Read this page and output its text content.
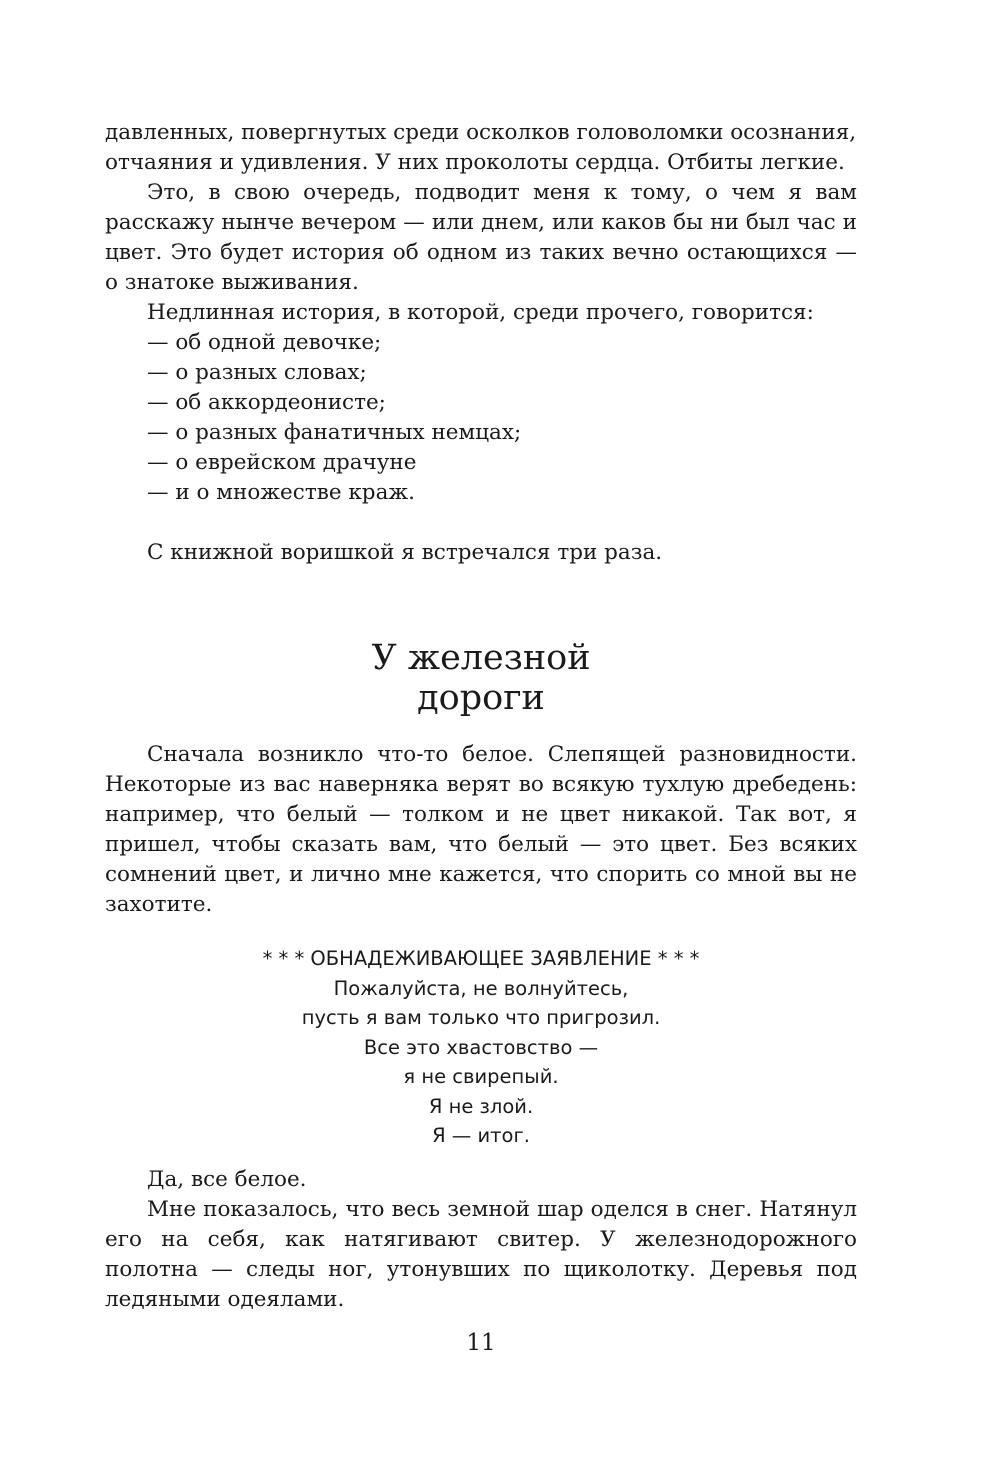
давленных, повергнутых среди осколков головоломки осознания,
отчаяния и удивления. У них проколоты сердца. Отбиты легкие.

Это, в свою очередь, подводит меня к тому, о чем я вам расскажу нынче вечером — или днем, или каков бы ни был час и цвет. Это будет история об одном из таких вечно остающихся — о знатоке выживания.

Недлинная история, в которой, среди прочего, говорится:

— об одной девочке;

— о разных словах;

— об аккордеонисте;

— о разных фанатичных немцах;

— о еврейском драчуне

— и о множестве краж.

С книжной воришкой я встречался три раза.

У железной
дороги

Сначала возникло что-то белое. Слепящей разновидности. Некоторые из вас наверняка верят во всякую тухлую дребедень: например, что белый — толком и не цвет никакой. Так вот, я пришел, чтобы сказать вам, что белый — это цвет. Без всяких сомнений цвет, и лично мне кажется, что спорить со мной вы не захотите.

* * * ОБНАДЕЖИВАЮЩЕЕ ЗАЯВЛЕНИЕ * * *
Пожалуйста, не волнуйтесь,
пусть я вам только что пригрозил.
Все это хвастовство —
я не свирепый.
Я не злой.
Я — итог.

Да, все белое.

Мне показалось, что весь земной шар оделся в снег. Натянул его на себя, как натягивают свитер. У железнодорожного полотна — следы ног, утонувших по щиколотку. Деревья под ледяными одеялами.

11
